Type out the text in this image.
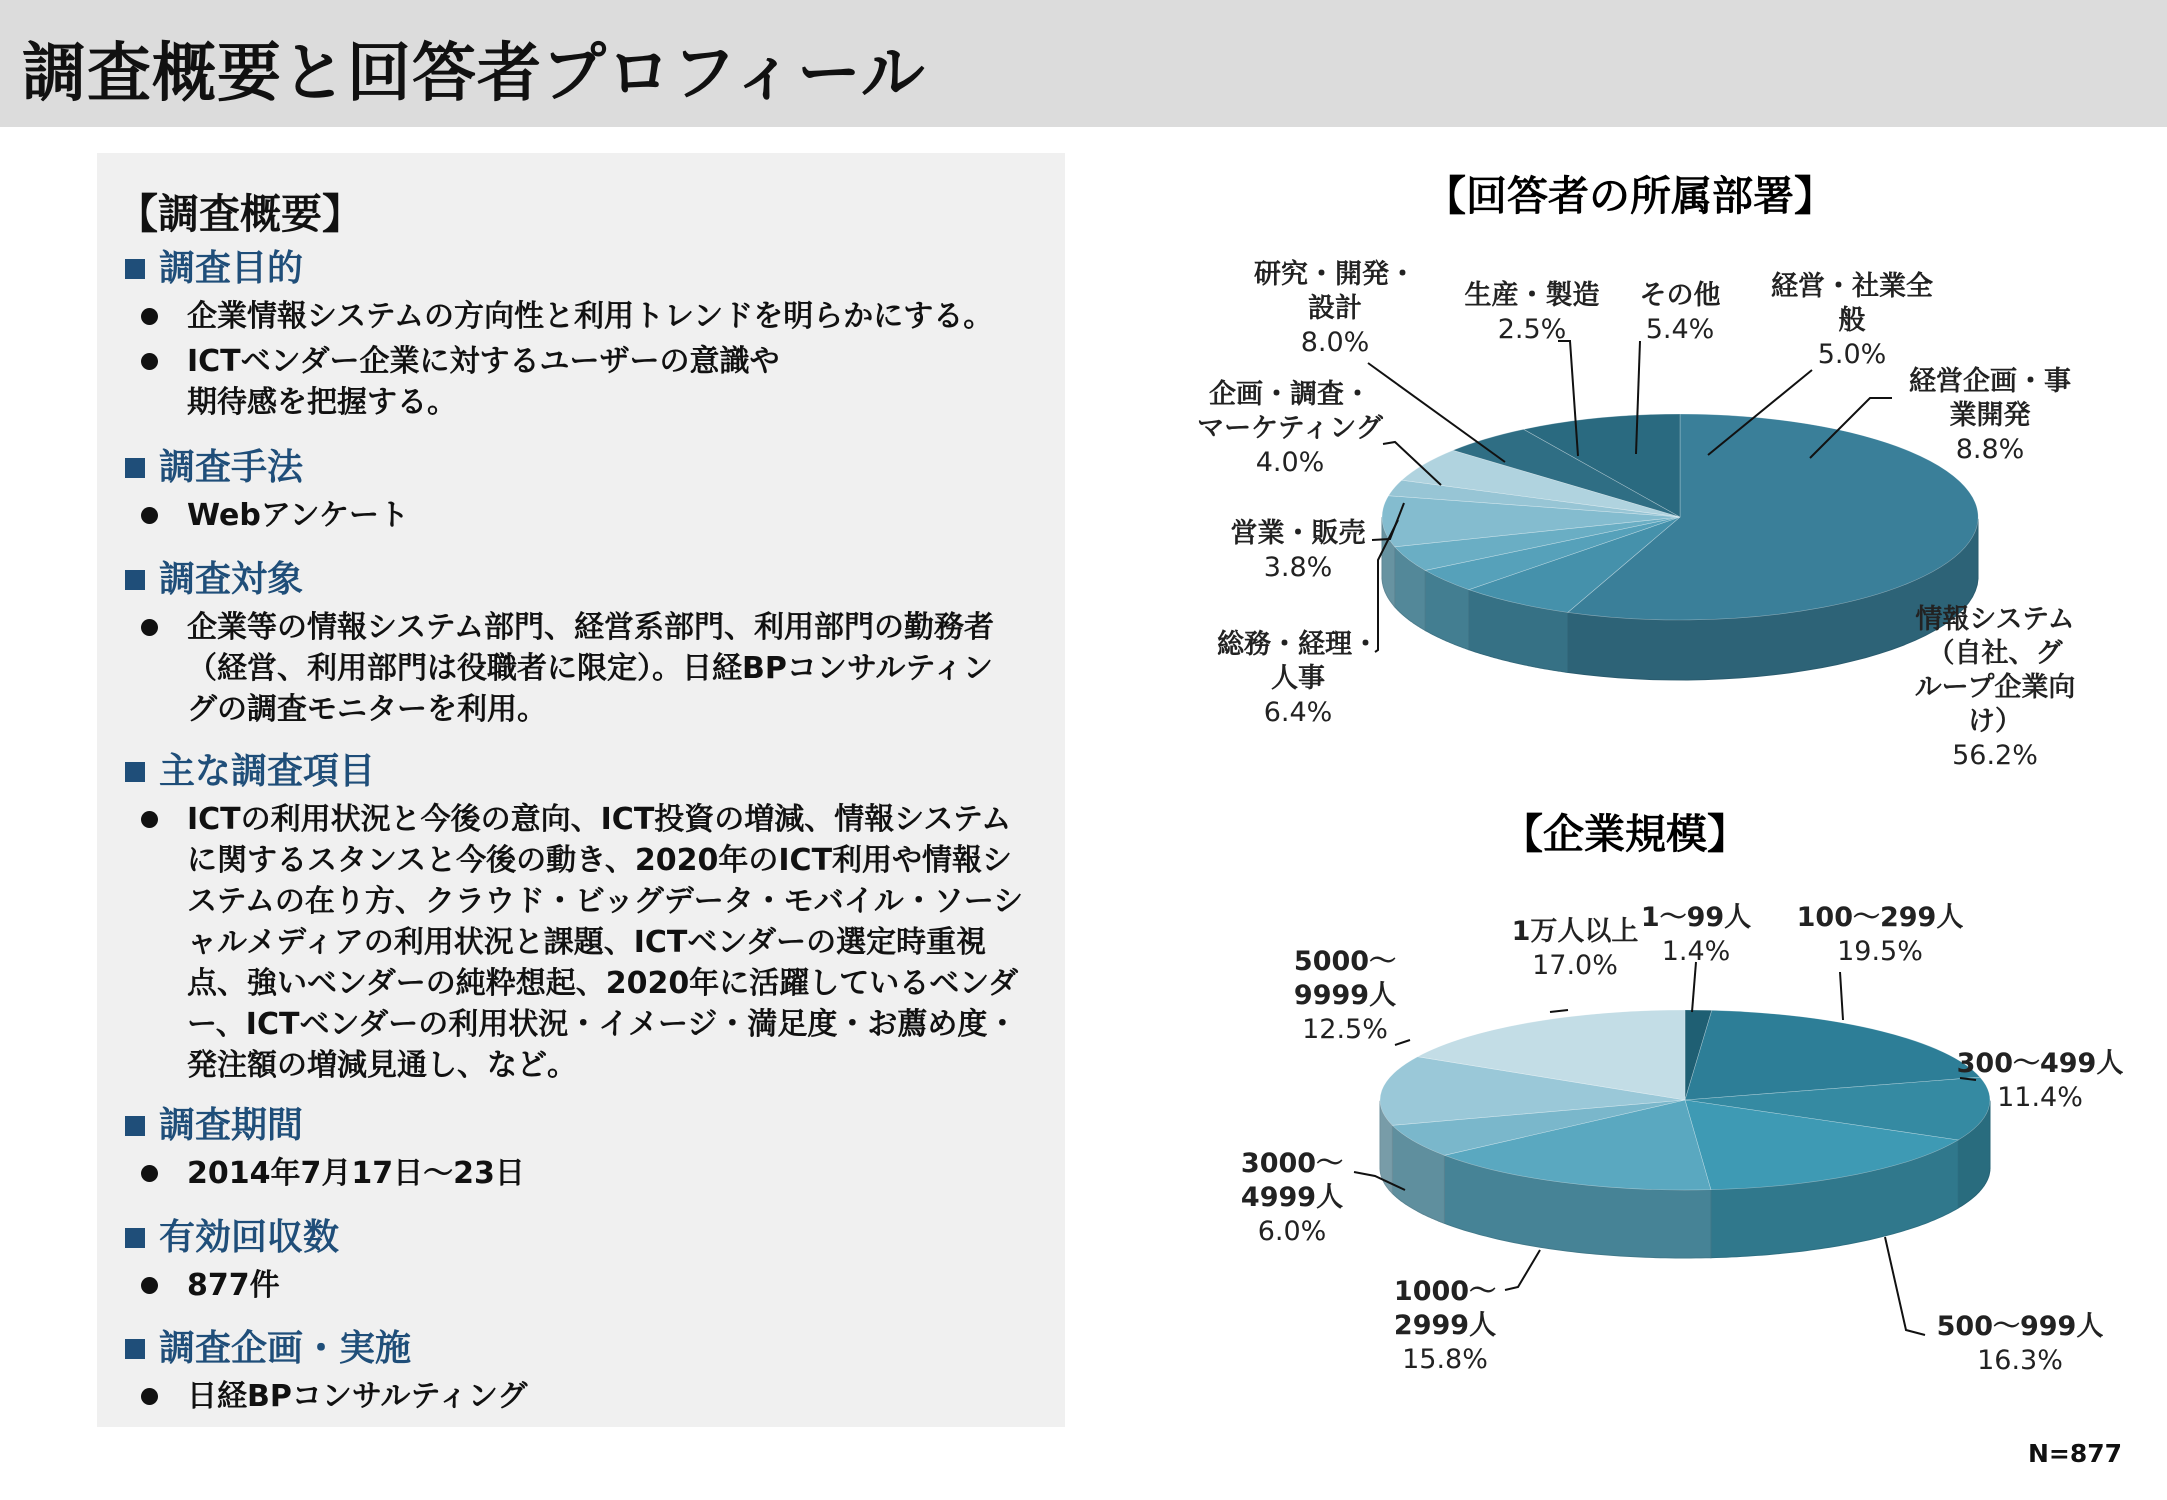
調査概要と回答者プロフィール
【調査概要】
調査目的
企業情報システムの方向性と利用トレンドを明らかにする。
ICTベンダー企業に対するユーザーの意識や期待感を把握する。
調査手法
Webアンケート
調査対象
企業等の情報システム部門、経営系部門、利用部門の勤務者（経営、利用部門は役職者に限定）。日経BPコンサルティングの調査モニターを利用。
主な調査項目
ICTの利用状況と今後の意向、ICT投資の増減、情報システムに関するスタンスと今後の動き、2020年のICT利用や情報システムの在り方、クラウド・ビッグデータ・モバイル・ソーシャルメディアの利用状況と課題、ICTベンダーの選定時重視点、強いベンダーの純粋想起、2020年に活躍しているベンダー、ICTベンダーの利用状況・イメージ・満足度・お薦め度・発注額の増減見通し、など。
調査期間
2014年7月17日～23日
有効回収数
877件
調査企画・実施
日経BPコンサルティング
【回答者の所属部署】
情報システム
（自社、グ
ループ企業向
け）
56.2%
総務・経理・
人事
6.4%
営業・販売
3.8%
企画・調査・
マーケティング
4.0%
研究・開発・
設計
8.0%
生産・製造
2.5%
その他
5.4%
経営・社業全
般
5.0%
経営企画・事
業開発
8.8%
【企業規模】
1～99人
1.4%
100～299人
19.5%
300～499人
11.4%
500～999人
16.3%
1000～
2999人
15.8%
3000～
4999人
6.0%
5000～
9999人
12.5%
1万人以上
17.0%
N=877
